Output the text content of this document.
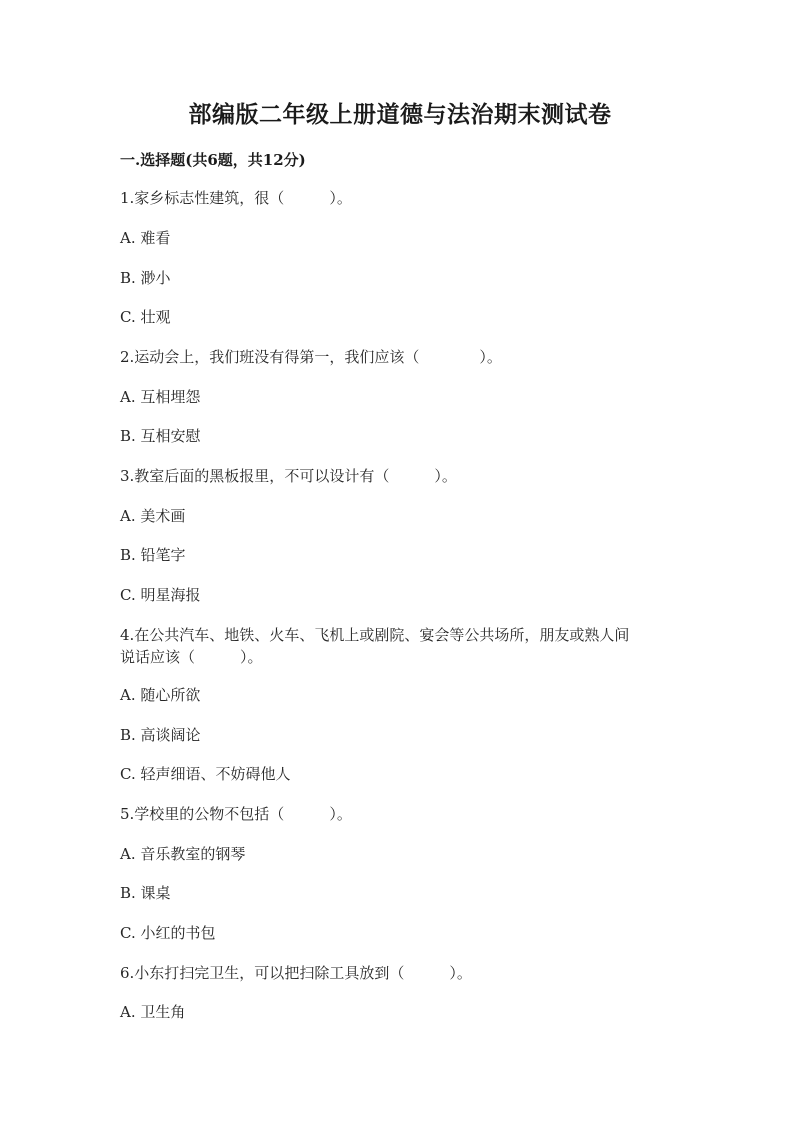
部编版二年级上册道德与法治期末测试卷
一.选择题(共6题，共12分)
1.家乡标志性建筑，很（　　　）。
A. 难看
B. 渺小
C. 壮观
2.运动会上，我们班没有得第一，我们应该（　　　　）。
A. 互相埋怨
B. 互相安慰
3.教室后面的黑板报里，不可以设计有（　　　）。
A. 美术画
B. 铅笔字
C. 明星海报
4.在公共汽车、地铁、火车、飞机上或剧院、宴会等公共场所，朋友或熟人间
说话应该（　　　）。
A. 随心所欲
B. 高谈阔论
C. 轻声细语、不妨碍他人
5.学校里的公物不包括（　　　）。
A. 音乐教室的钢琴
B. 课桌
C. 小红的书包
6.小东打扫完卫生，可以把扫除工具放到（　　　）。
A. 卫生角
